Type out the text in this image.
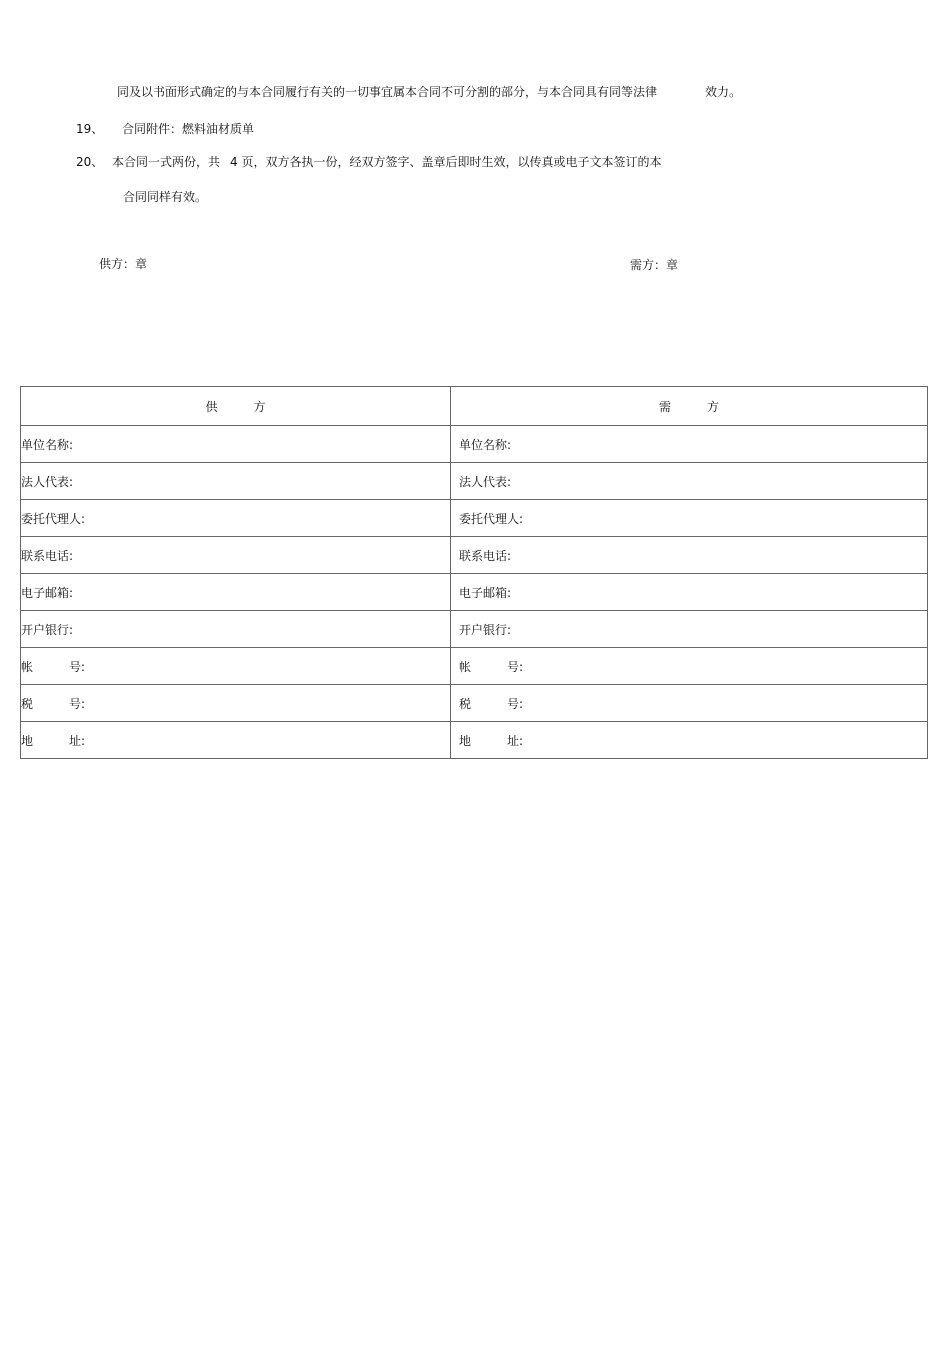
同及以书面形式确定的与本合同履行有关的一切事宜属本合同不可分割的部分，与本合同具有同等法律	效力。
19、 合同附件：燃料油材质单
20、 本合同一式两份，共 4 页，双方各执一份，经双方签字、盖章后即时生效，以传真或电子文本签订的本
合同同样有效。
供方：章	需方：章
供　　　方	需　　　方
单位名称:	单位名称:
法人代表:	法人代表:
委托代理人:	委托代理人:
联系电话:	联系电话:
电子邮箱:	电子邮箱:
开户银行:	开户银行:
帐　　　号:	帐　　　号:
税　　　号:	税　　　号:
地　　　址:	地　　　址:
